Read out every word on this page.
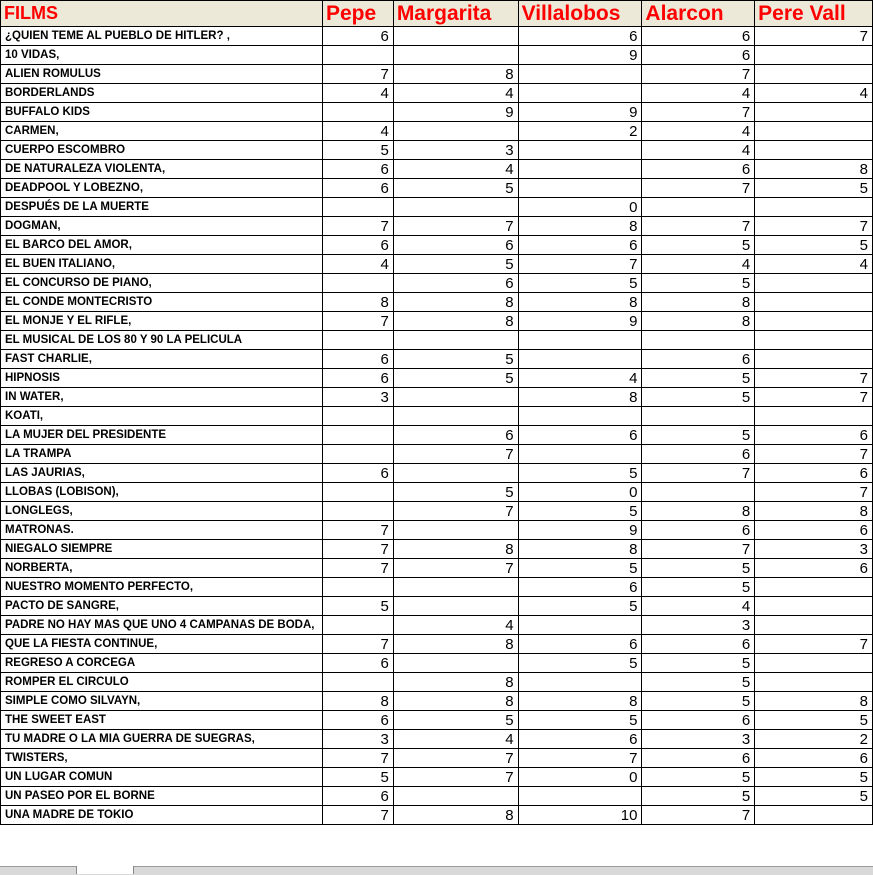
FILMS	Pepe	Margarita	Villalobos	Alarcon	Pere Vall
¿QUIEN TEME AL PUEBLO DE HITLER? ,	6		6	6	7
10 VIDAS,			9	6	
ALIEN ROMULUS	7	8		7	
BORDERLANDS	4	4		4	4
BUFFALO KIDS		9	9	7	
CARMEN,	4		2	4	
CUERPO ESCOMBRO	5	3		4	
DE NATURALEZA VIOLENTA,	6	4		6	8
DEADPOOL Y LOBEZNO,	6	5		7	5
DESPUÉS DE LA MUERTE			0		
DOGMAN,	7	7	8	7	7
EL BARCO DEL AMOR,	6	6	6	5	5
EL BUEN ITALIANO,	4	5	7	4	4
EL CONCURSO DE PIANO,		6	5	5	
EL CONDE MONTECRISTO	8	8	8	8	
EL MONJE Y EL RIFLE,	7	8	9	8	
EL MUSICAL DE LOS 80 Y 90 LA PELICULA					
FAST CHARLIE,	6	5		6	
HIPNOSIS	6	5	4	5	7
IN WATER,	3		8	5	7
KOATI,					
LA MUJER DEL PRESIDENTE		6	6	5	6
LA TRAMPA		7		6	7
LAS JAURIAS,	6		5	7	6
LLOBAS (LOBISON),		5	0		7
LONGLEGS,		7	5	8	8
MATRONAS.	7		9	6	6
NIEGALO SIEMPRE	7	8	8	7	3
NORBERTA,	7	7	5	5	6
NUESTRO MOMENTO PERFECTO,			6	5	
PACTO DE SANGRE,	5		5	4	
PADRE NO HAY MAS QUE UNO 4 CAMPANAS DE BODA,		4		3	
QUE LA FIESTA CONTINUE,	7	8	6	6	7
REGRESO A CORCEGA	6		5	5	
ROMPER EL CIRCULO		8		5	
SIMPLE COMO SILVAYN,	8	8	8	5	8
THE SWEET EAST	6	5	5	6	5
TU MADRE O LA MIA GUERRA DE SUEGRAS,	3	4	6	3	2
TWISTERS,	7	7	7	6	6
UN LUGAR COMUN	5	7	0	5	5
UN PASEO POR EL BORNE	6			5	5
UNA MADRE DE TOKIO	7	8	10	7	
